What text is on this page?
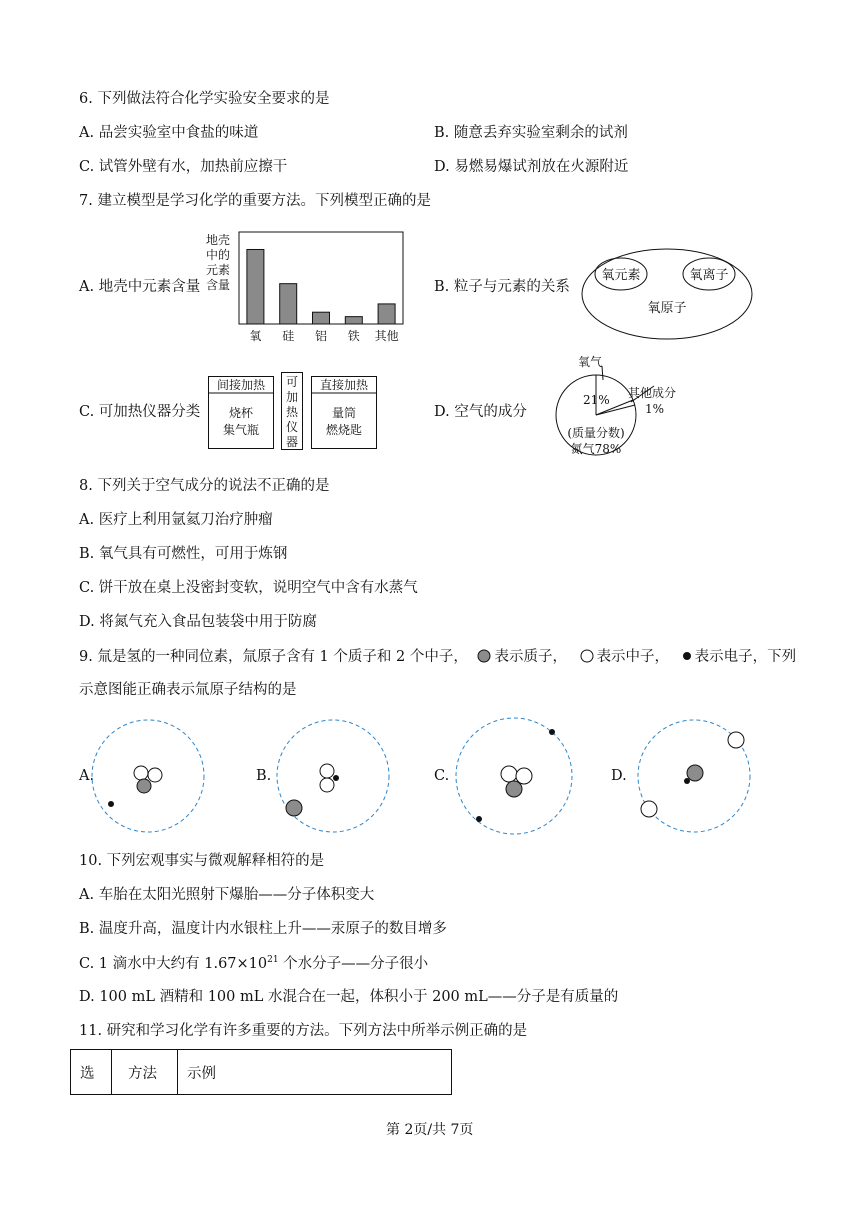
6. 下列做法符合化学实验安全要求的是
A. 品尝实验室中食盐的味道	B. 随意丢弃实验室剩余的试剂
C. 试管外壁有水，加热前应擦干	D. 易燃易爆试剂放在火源附近
7. 建立模型是学习化学的重要方法。下列模型正确的是
A. 地壳中元素含量
地壳
中的
元素
含量
氧 硅 铝 铁 其他
B. 粒子与元素的关系
氧元素	氧离子
氧原子
C. 可加热仪器分类
间接加热
烧杯
集气瓶
可
加
热
仪
器
直接加热
量筒
燃烧匙
D. 空气的成分
氧气
21% 其他成分
1%
(质量分数)
氮气78%
8. 下列关于空气成分的说法不正确的是
A. 医疗上利用氩氦刀治疗肿瘤
B. 氧气具有可燃性，可用于炼钢
C. 饼干放在桌上没密封变软，说明空气中含有水蒸气
D. 将氮气充入食品包装袋中用于防腐
9. 氚是氢的一种同位素，氚原子含有 1 个质子和 2 个中子， 表示质子， 表示中子， 表示电子，下列
示意图能正确表示氚原子结构的是
A.	B.	C.	D.
10. 下列宏观事实与微观解释相符的是
A. 车胎在太阳光照射下爆胎——分子体积变大
B. 温度升高，温度计内水银柱上升——汞原子的数目增多
C. 1 滴水中大约有 $1.67\times 10^{21}$ 个水分子——分子很小
D. 100 mL 酒精和 100 mL 水混合在一起，体积小于 200 mL——分子是有质量的
11. 研究和学习化学有许多重要的方法。下列方法中所举示例正确的是
选 方法 示例
第 2页/共 7页
